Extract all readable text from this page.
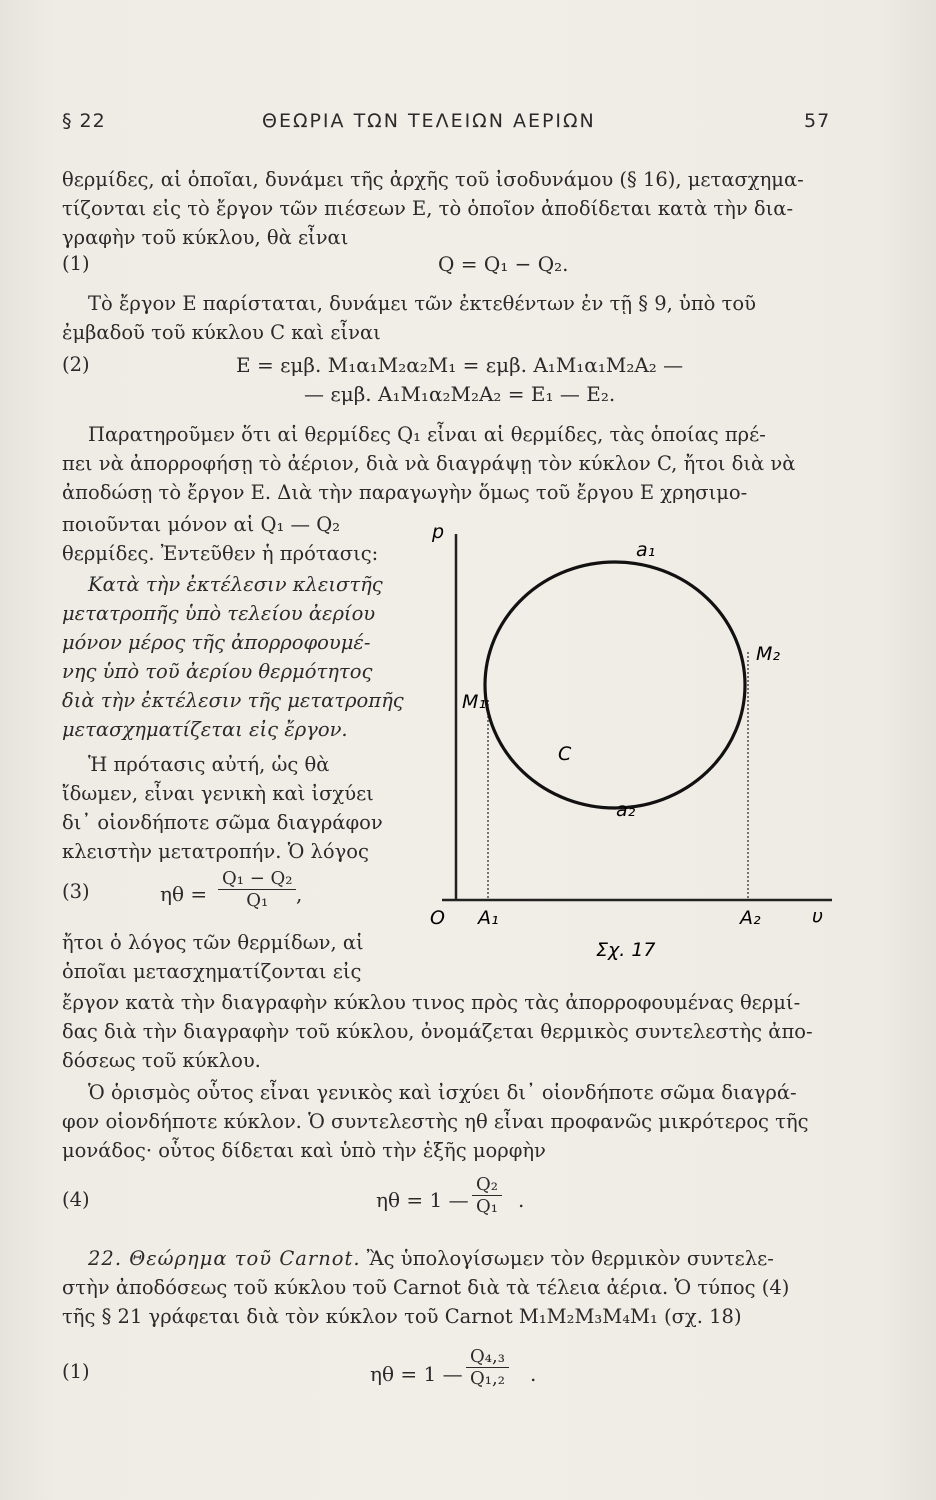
§ 22	ΘΕΩΡΙΑ ΤΩΝ ΤΕΛΕΙΩΝ ΑΕΡΙΩΝ	57
θερμίδες, αἱ ὁποῖαι, δυνάμει τῆς ἀρχῆς τοῦ ἰσοδυνάμου (§ 16), μετασχημα-
τίζονται εἰς τὸ ἔργον τῶν πιέσεων Ε, τὸ ὁποῖον ἀποδίδεται κατὰ τὴν δια-
γραφὴν τοῦ κύκλου, θὰ εἶναι
(1)	Q = Q₁ − Q₂.
Τὸ ἔργον Ε παρίσταται, δυνάμει τῶν ἐκτεθέντων ἐν τῇ § 9, ὑπὸ τοῦ
ἐμβαδοῦ τοῦ κύκλου C καὶ εἶναι
(2)	Ε = εμβ. Μ₁α₁Μ₂α₂Μ₁ = εμβ. Α₁Μ₁α₁Μ₂Α₂ —
— εμβ. Α₁Μ₁α₂Μ₂Α₂ = Ε₁ — Ε₂.
Παρατηροῦμεν ὅτι αἱ θερμίδες Q₁ εἶναι αἱ θερμίδες, τὰς ὁποίας πρέ-
πει νὰ ἀπορροφήσῃ τὸ ἀέριον, διὰ νὰ διαγράψῃ τὸν κύκλον C, ἤτοι διὰ νὰ
ἀποδώσῃ τὸ ἔργον Ε. Διὰ τὴν παραγωγὴν ὅμως τοῦ ἔργου Ε χρησιμο-
ποιοῦνται μόνον αἱ Q₁ — Q₂
θερμίδες. Ἐντεῦθεν ἡ πρότασις:
Κατὰ τὴν ἐκτέλεσιν κλειστῆς
μετατροπῆς ὑπὸ τελείου ἀερίου
μόνον μέρος τῆς ἀπορροφουμέ-
νης ὑπὸ τοῦ ἀερίου θερμότητος
διὰ τὴν ἐκτέλεσιν τῆς μετατροπῆς
μετασχηματίζεται εἰς ἔργον.
Ἡ πρότασις αὐτή, ὡς θὰ
ἴδωμεν, εἶναι γενικὴ καὶ ἰσχύει
δι᾽ οἱονδήποτε σῶμα διαγράφον
κλειστὴν μετατροπήν. Ὁ λόγος
(3)	$\eta\theta = \frac{\text{Q₁ − Q₂}}{\text{Q₁}}$ ,
ἤτοι ὁ λόγος τῶν θερμίδων, αἱ
ὁποῖαι μετασχηματίζονται εἰς
ἔργον κατὰ τὴν διαγραφὴν κύκλου τινος πρὸς τὰς ἀπορροφουμένας θερμί-
δας διὰ τὴν διαγραφὴν τοῦ κύκλου, ὀνομάζεται θερμικὸς συντελεστὴς ἀπο-
δόσεως τοῦ κύκλου.
Ὁ ὁρισμὸς οὗτος εἶναι γενικὸς καὶ ἰσχύει δι᾽ οἱονδήποτε σῶμα διαγρά-
φον οἱονδήποτε κύκλον. Ὁ συντελεστὴς ηθ εἶναι προφανῶς μικρότερος τῆς
μονάδος· οὗτος δίδεται καὶ ὑπὸ τὴν ἑξῆς μορφὴν
(4)	ηθ = 1 — $\frac{\text{Q₂}}{\text{Q₁}}$ .
22. Θεώρημα τοῦ Carnot. Ἂς ὑπολογίσωμεν τὸν θερμικὸν συντελε-
στὴν ἀποδόσεως τοῦ κύκλου τοῦ Carnot διὰ τὰ τέλεια ἀέρια. Ὁ τύπος (4)
τῆς § 21 γράφεται διὰ τὸν κύκλον τοῦ Carnot Μ₁Μ₂Μ₃Μ₄Μ₁ (σχ. 18)
(1)	ηθ = 1 — $\frac{\text{Q₄,₃}}{\text{Q₁,₂}}$ .
p
υ
O A₁	A₂
M₁
M₂
a₁
a₂
C
Σχ. 17
